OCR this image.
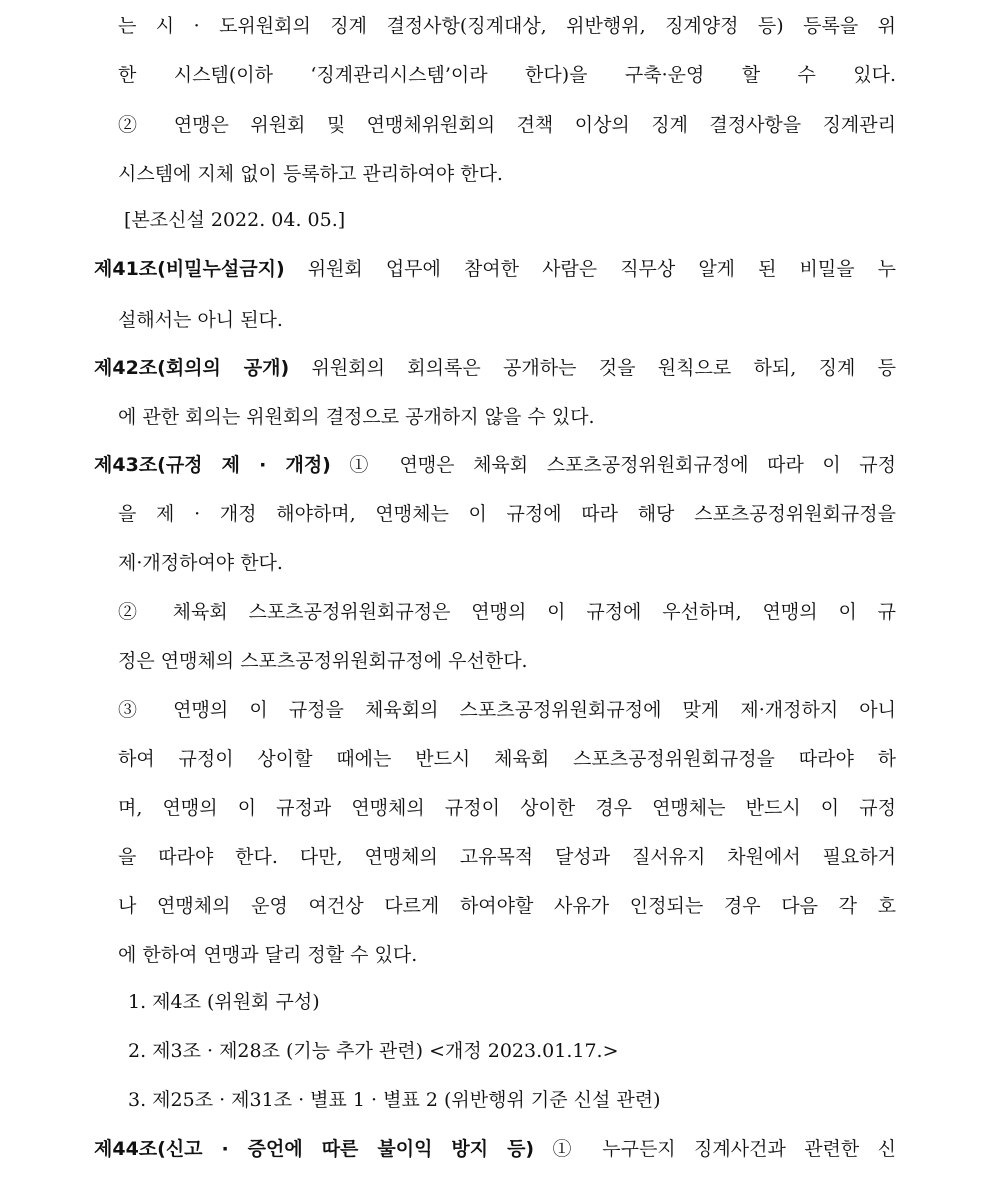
는 시 · 도위원회의 징계 결정사항(징계대상, 위반행위, 징계양정 등) 등록을 위
한 시스템(이하 ‘징계관리시스템’이라 한다)을 구축·운영 할 수 있다.
② 연맹은 위원회 및 연맹체위원회의 견책 이상의 징계 결정사항을 징계관리
시스템에 지체 없이 등록하고 관리하여야 한다.
[본조신설 2022. 04. 05.]
제41조(비밀누설금지) 위원회 업무에 참여한 사람은 직무상 알게 된 비밀을 누
설해서는 아니 된다.
제42조(회의의 공개) 위원회의 회의록은 공개하는 것을 원칙으로 하되, 징계 등
에 관한 회의는 위원회의 결정으로 공개하지 않을 수 있다.
제43조(규정 제 · 개정) ① 연맹은 체육회 스포츠공정위원회규정에 따라 이 규정
을 제 · 개정 해야하며, 연맹체는 이 규정에 따라 해당 스포츠공정위원회규정을
제·개정하여야 한다.
② 체육회 스포츠공정위원회규정은 연맹의 이 규정에 우선하며, 연맹의 이 규
정은 연맹체의 스포츠공정위원회규정에 우선한다.
③ 연맹의 이 규정을 체육회의 스포츠공정위원회규정에 맞게 제·개정하지 아니
하여 규정이 상이할 때에는 반드시 체육회 스포츠공정위원회규정을 따라야 하
며, 연맹의 이 규정과 연맹체의 규정이 상이한 경우 연맹체는 반드시 이 규정
을 따라야 한다. 다만, 연맹체의 고유목적 달성과 질서유지 차원에서 필요하거
나 연맹체의 운영 여건상 다르게 하여야할 사유가 인정되는 경우 다음 각 호
에 한하여 연맹과 달리 정할 수 있다.
1. 제4조 (위원회 구성)
2. 제3조 · 제28조 (기능 추가 관련) <개정 2023.01.17.>
3. 제25조 · 제31조 · 별표 1 · 별표 2 (위반행위 기준 신설 관련)
제44조(신고 · 증언에 따른 불이익 방지 등) ① 누구든지 징계사건과 관련한 신
